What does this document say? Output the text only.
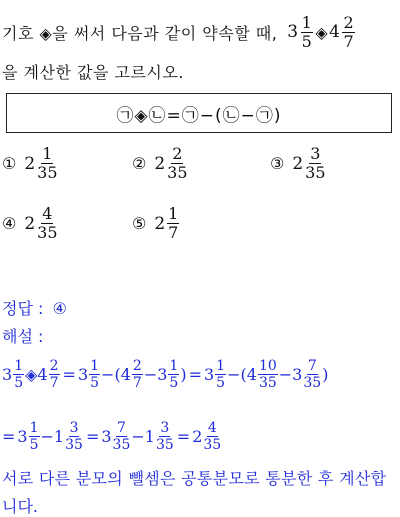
기호 ◈을 써서 다음과 같이 약속할 때, $3 \frac{1}{5}$ ◈ $4 \frac{2}{7}$
을 계산한 값을 고르시오.
㉠◈㉡=㉠−(㉡−㉠)
① $2 \frac{1}{35}$	② $2 \frac{2}{35}$	③ $2 \frac{3}{35}$
④ $2 \frac{4}{35}$	⑤ $2 \frac{1}{7}$
정답 : ④
해설 :
$3 \frac{1}{5}$ ◈ $4 \frac{2}{7} = 3 \frac{1}{5}$ − ( $4 \frac{2}{7} - 3 \frac{1}{5}$ ) = $3 \frac{1}{5}$ − ( $4 \frac{10}{35} - 3 \frac{7}{35}$ )
= $3 \frac{1}{5} - 1 \frac{3}{35} = 3 \frac{7}{35} - 1 \frac{3}{35} = 2 \frac{4}{35}$
서로 다른 분모의 뺄셈은 공통분모로 통분한 후 계산합
니다.
